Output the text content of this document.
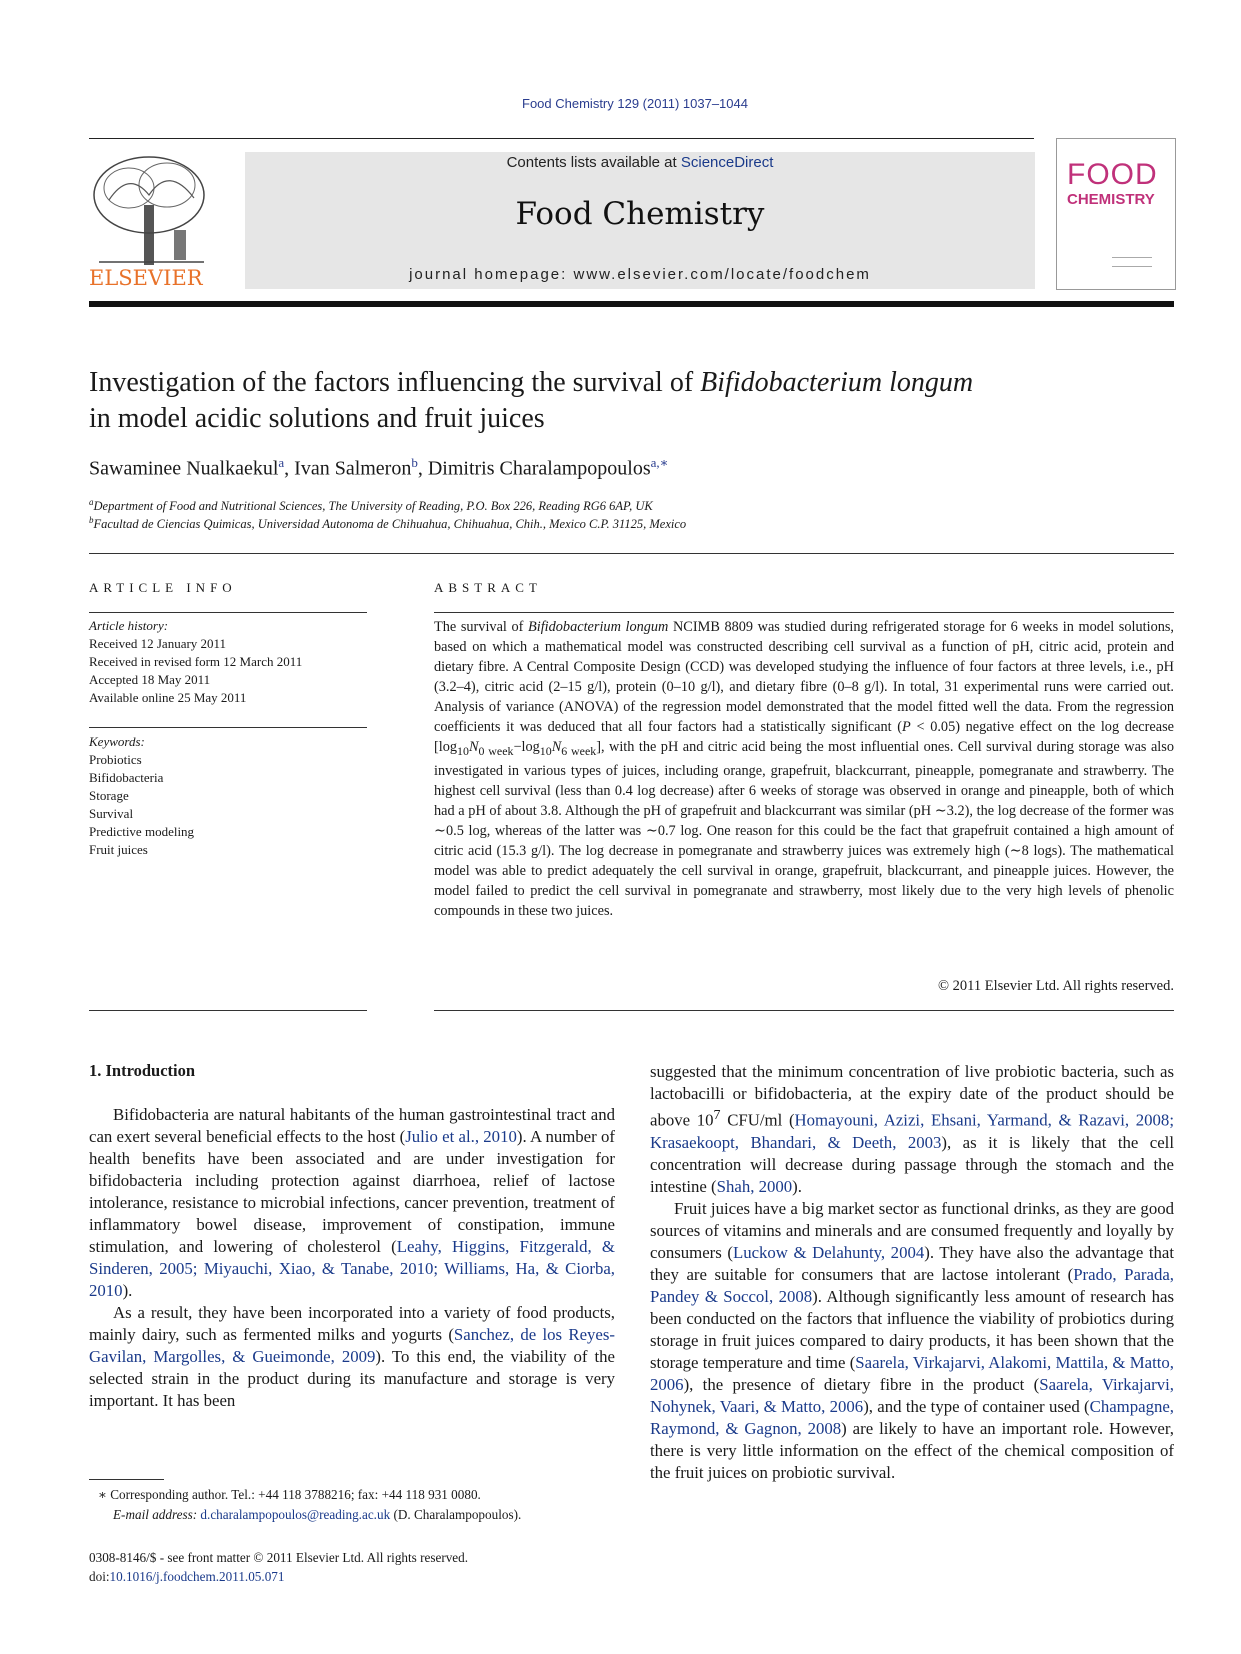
Food Chemistry 129 (2011) 1037–1044
ELSEVIER
Contents lists available at ScienceDirect
Food Chemistry
journal homepage: www.elsevier.com/locate/foodchem
FOOD
CHEMISTRY
Investigation of the factors influencing the survival of Bifidobacterium longum
in model acidic solutions and fruit juices
Sawaminee Nualkaekul$^a$, Ivan Salmeron$^b$, Dimitris Charalampopoulos$^{a,∗}$
$^a$Department of Food and Nutritional Sciences, The University of Reading, P.O. Box 226, Reading RG6 6AP, UK
$^b$Facultad de Ciencias Quimicas, Universidad Autonoma de Chihuahua, Chihuahua, Chih., Mexico C.P. 31125, Mexico
ARTICLE INFO
Article history:
Received 12 January 2011
Received in revised form 12 March 2011
Accepted 18 May 2011
Available online 25 May 2011
Keywords:
Probiotics
Bifidobacteria
Storage
Survival
Predictive modeling
Fruit juices
ABSTRACT
The survival of Bifidobacterium longum NCIMB 8809 was studied during refrigerated storage for 6 weeks in model solutions, based on which a mathematical model was constructed describing cell survival as a function of pH, citric acid, protein and dietary fibre. A Central Composite Design (CCD) was developed studying the influence of four factors at three levels, i.e., pH (3.2–4), citric acid (2–15 g/l), protein (0–10 g/l), and dietary fibre (0–8 g/l). In total, 31 experimental runs were carried out. Analysis of variance (ANOVA) of the regression model demonstrated that the model fitted well the data. From the regression coefficients it was deduced that all four factors had a statistically significant (P < 0.05) negative effect on the log decrease $[\log_{10}N_{0 week}-\log_{10}N_{6 week}]$, with the pH and citric acid being the most influential ones. Cell survival during storage was also investigated in various types of juices, including orange, grapefruit, blackcurrant, pineapple, pomegranate and strawberry. The highest cell survival (less than 0.4 log decrease) after 6 weeks of storage was observed in orange and pineapple, both of which had a pH of about 3.8. Although the pH of grapefruit and blackcurrant was similar (pH ∼3.2), the log decrease of the former was ∼0.5 log, whereas of the latter was ∼0.7 log. One reason for this could be the fact that grapefruit contained a high amount of citric acid (15.3 g/l). The log decrease in pomegranate and strawberry juices was extremely high (∼8 logs). The mathematical model was able to predict adequately the cell survival in orange, grapefruit, blackcurrant, and pineapple juices. However, the model failed to predict the cell survival in pomegranate and strawberry, most likely due to the very high levels of phenolic compounds in these two juices.
© 2011 Elsevier Ltd. All rights reserved.
1. Introduction

Bifidobacteria are natural habitants of the human gastrointestinal tract and can exert several beneficial effects to the host (Julio et al., 2010). A number of health benefits have been associated and are under investigation for bifidobacteria including protection against diarrhoea, relief of lactose intolerance, resistance to microbial infections, cancer prevention, treatment of inflammatory bowel disease, improvement of constipation, immune stimulation, and lowering of cholesterol (Leahy, Higgins, Fitzgerald, & Sinderen, 2005; Miyauchi, Xiao, & Tanabe, 2010; Williams, Ha, & Ciorba, 2010).

As a result, they have been incorporated into a variety of food products, mainly dairy, such as fermented milks and yogurts (Sanchez, de los Reyes-Gavilan, Margolles, & Gueimonde, 2009). To this end, the viability of the selected strain in the product during its manufacture and storage is very important. It has been

suggested that the minimum concentration of live probiotic bacteria, such as lactobacilli or bifidobacteria, at the expiry date of the product should be above $10^7$ CFU/ml (Homayouni, Azizi, Ehsani, Yarmand, & Razavi, 2008; Krasaekoopt, Bhandari, & Deeth, 2003), as it is likely that the cell concentration will decrease during passage through the stomach and the intestine (Shah, 2000).

Fruit juices have a big market sector as functional drinks, as they are good sources of vitamins and minerals and are consumed frequently and loyally by consumers (Luckow & Delahunty, 2004). They have also the advantage that they are suitable for consumers that are lactose intolerant (Prado, Parada, Pandey & Soccol, 2008). Although significantly less amount of research has been conducted on the factors that influence the viability of probiotics during storage in fruit juices compared to dairy products, it has been shown that the storage temperature and time (Saarela, Virkajarvi, Alakomi, Mattila, & Matto, 2006), the presence of dietary fibre in the product (Saarela, Virkajarvi, Nohynek, Vaari, & Matto, 2006), and the type of container used (Champagne, Raymond, & Gagnon, 2008) are likely to have an important role. However, there is very little information on the effect of the chemical composition of the fruit juices on probiotic survival.

∗ Corresponding author. Tel.: +44 118 3788216; fax: +44 118 931 0080.
E-mail address: d.charalampopoulos@reading.ac.uk (D. Charalampopoulos).
0308-8146/$ - see front matter © 2011 Elsevier Ltd. All rights reserved.
doi:10.1016/j.foodchem.2011.05.071
